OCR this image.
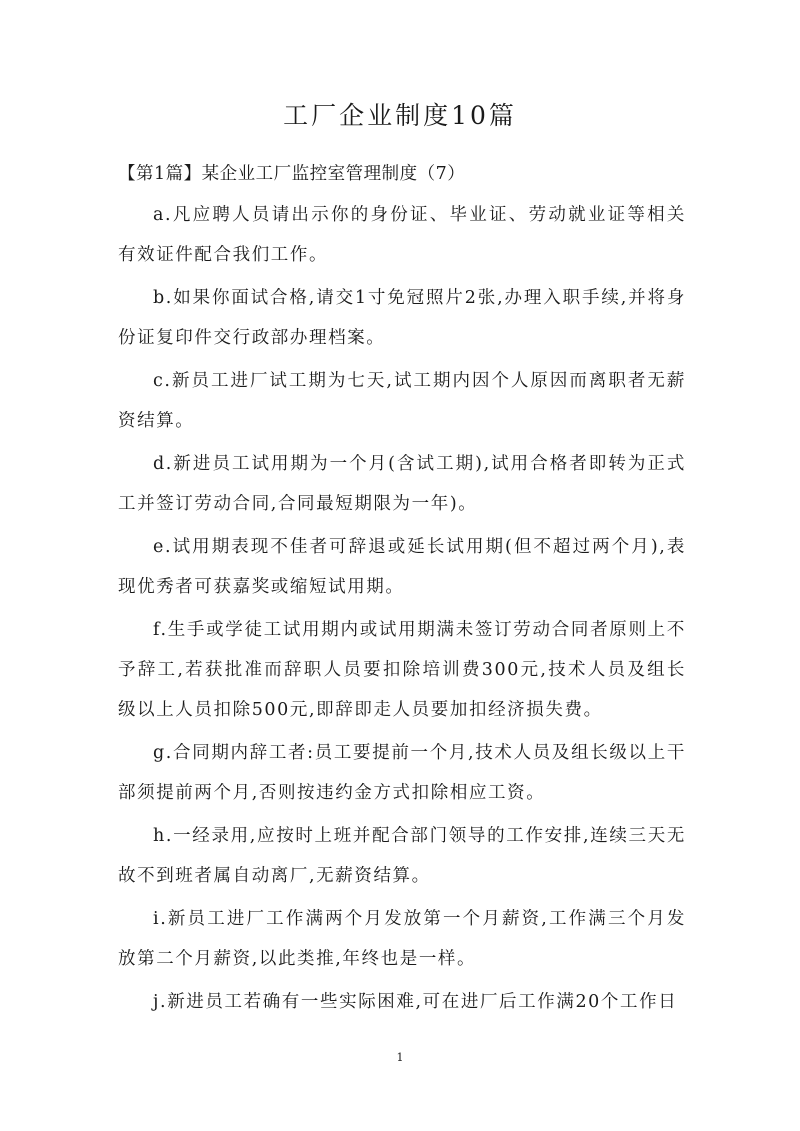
工厂企业制度10篇
【第1篇】某企业工厂监控室管理制度（7）

a.凡应聘人员请出示你的身份证、毕业证、劳动就业证等相关有效证件配合我们工作。

b.如果你面试合格,请交1寸免冠照片2张,办理入职手续,并将身份证复印件交行政部办理档案。

c.新员工进厂试工期为七天,试工期内因个人原因而离职者无薪资结算。

d.新进员工试用期为一个月(含试工期),试用合格者即转为正式工并签订劳动合同,合同最短期限为一年)。

e.试用期表现不佳者可辞退或延长试用期(但不超过两个月),表现优秀者可获嘉奖或缩短试用期。

f.生手或学徒工试用期内或试用期满未签订劳动合同者原则上不予辞工,若获批准而辞职人员要扣除培训费300元,技术人员及组长级以上人员扣除500元,即辞即走人员要加扣经济损失费。

g.合同期内辞工者:员工要提前一个月,技术人员及组长级以上干部须提前两个月,否则按违约金方式扣除相应工资。

h.一经录用,应按时上班并配合部门领导的工作安排,连续三天无故不到班者属自动离厂,无薪资结算。

i.新员工进厂工作满两个月发放第一个月薪资,工作满三个月发放第二个月薪资,以此类推,年终也是一样。

j.新进员工若确有一些实际困难,可在进厂后工作满20个工作日

1
